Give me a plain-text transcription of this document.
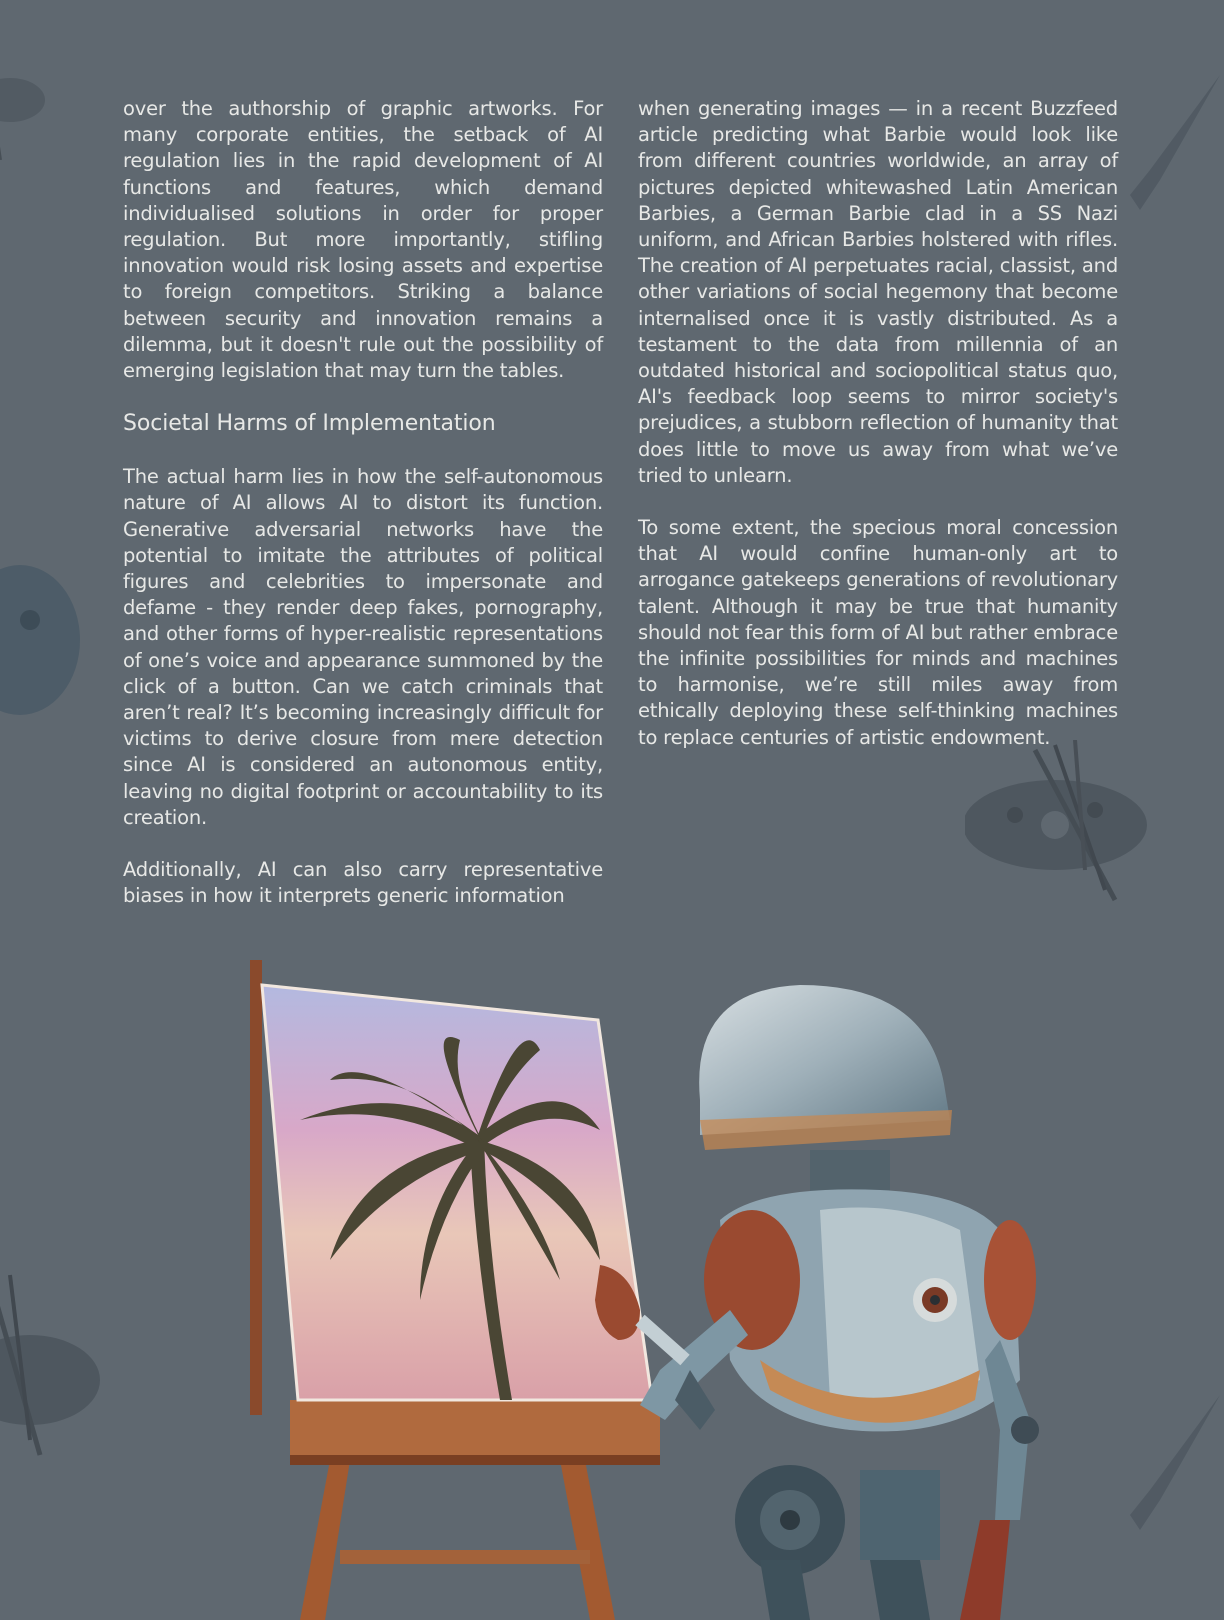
over the authorship of graphic artworks. For many corporate entities, the setback of AI regulation lies in the rapid development of AI functions and features, which demand individualised solutions in order for proper regulation. But more importantly, stifling innovation would risk losing assets and expertise to foreign competitors. Striking a balance between security and innovation remains a dilemma, but it doesn't rule out the possibility of emerging legislation that may turn the tables.

Societal Harms of Implementation

The actual harm lies in how the self-autonomous nature of AI allows AI to distort its function. Generative adversarial networks have the potential to imitate the attributes of political figures and celebrities to impersonate and defame - they render deep fakes, pornography, and other forms of hyper-realistic representations of one’s voice and appearance summoned by the click of a button. Can we catch criminals that aren’t real? It’s becoming increasingly difficult for victims to derive closure from mere detection since AI is considered an autonomous entity, leaving no digital footprint or accountability to its creation.

Additionally, AI can also carry representative biases in how it interprets generic information

when generating images — in a recent Buzzfeed article predicting what Barbie would look like from different countries worldwide, an array of pictures depicted whitewashed Latin American Barbies, a German Barbie clad in a SS Nazi uniform, and African Barbies holstered with rifles. The creation of AI perpetuates racial, classist, and other variations of social hegemony that become internalised once it is vastly distributed. As a testament to the data from millennia of an outdated historical and sociopolitical status quo, AI's feedback loop seems to mirror society's prejudices, a stubborn reflection of humanity that does little to move us away from what we’ve tried to unlearn.

To some extent, the specious moral concession that AI would confine human-only art to arrogance gatekeeps generations of revolutionary talent. Although it may be true that humanity should not fear this form of AI but rather embrace the infinite possibilities for minds and machines to harmonise, we’re still miles away from ethically deploying these self-thinking machines to replace centuries of artistic endowment.
